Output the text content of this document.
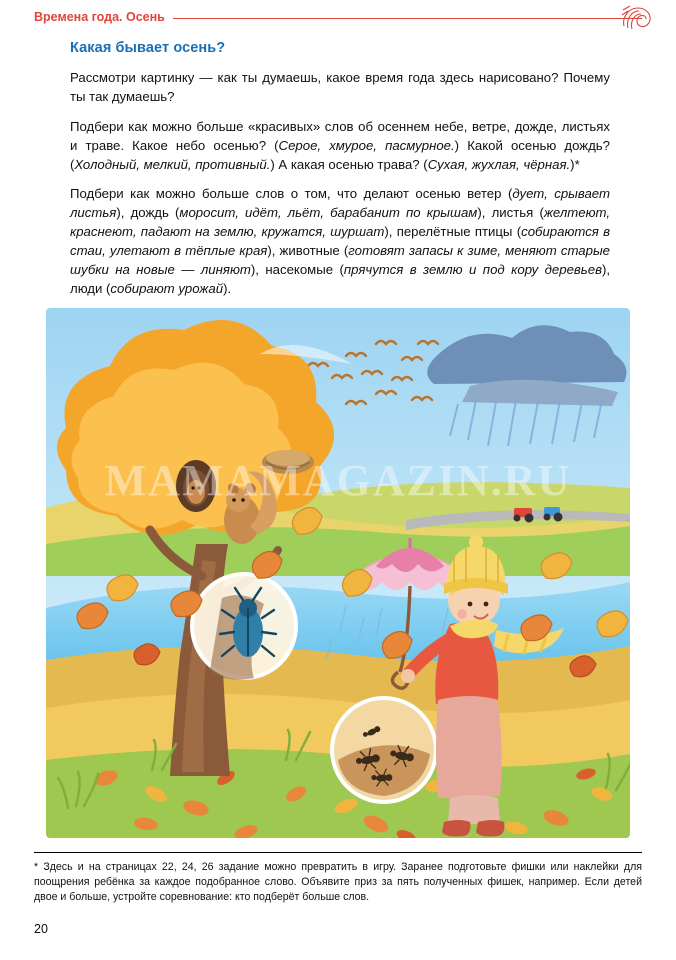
Времена года. Осень
Какая бывает осень?

Рассмотри картинку — как ты думаешь, какое время года здесь нарисовано? Почему ты так думаешь?

Подбери как можно больше «красивых» слов об осеннем небе, ветре, дожде, листьях и траве. Какое небо осенью? (Серое, хмурое, пасмурное.) Какой осенью дождь? (Холодный, мелкий, противный.) А какая осенью трава? (Сухая, жухлая, чёрная.)*

Подбери как можно больше слов о том, что делают осенью ветер (дует, срывает листья), дождь (моросит, идёт, льёт, барабанит по крышам), листья (желтеют, краснеют, падают на землю, кружатся, шуршат), перелётные птицы (собираются в стаи, улетают в тёплые края), животные (готовят запасы к зиме, меняют старые шубки на новые — линяют), насекомые (прячутся в землю и под кору деревьев), люди (собирают урожай).

MAMAMAGAZIN.RU
* Здесь и на страницах 22, 24, 26 задание можно превратить в игру. Заранее подготовьте фишки или наклейки для поощрения ребёнка за каждое подобранное слово. Объявите приз за пять полученных фишек, например. Если детей двое и больше, устройте соревнование: кто подберёт больше слов.
20
